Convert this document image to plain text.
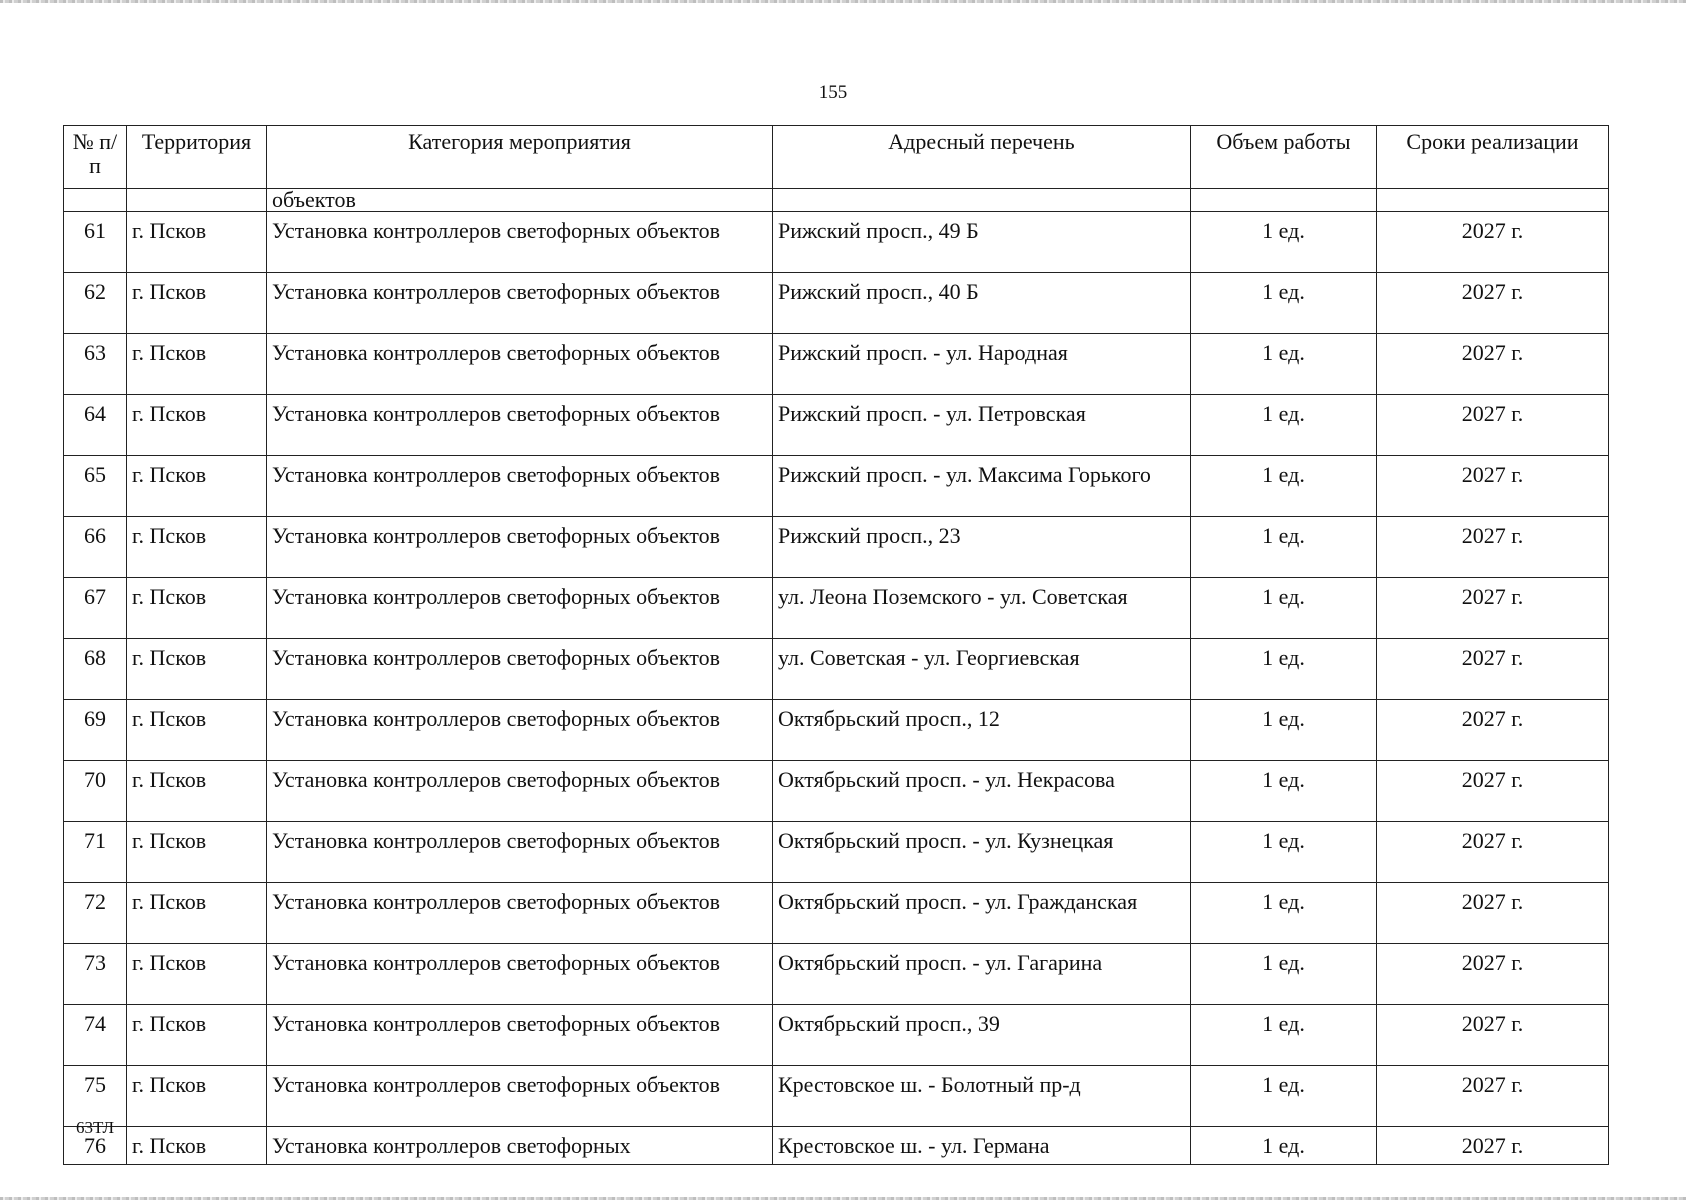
155
№ п/п	Территория	Категория мероприятия	Адресный перечень	Объем работы	Сроки реализации
		объектов			
61	г. Псков	Установка контроллеров светофорных объектов	Рижский просп., 49 Б	1 ед.	2027 г.
62	г. Псков	Установка контроллеров светофорных объектов	Рижский просп., 40 Б	1 ед.	2027 г.
63	г. Псков	Установка контроллеров светофорных объектов	Рижский просп. - ул. Народная	1 ед.	2027 г.
64	г. Псков	Установка контроллеров светофорных объектов	Рижский просп. - ул. Петровская	1 ед.	2027 г.
65	г. Псков	Установка контроллеров светофорных объектов	Рижский просп. - ул. Максима Горького	1 ед.	2027 г.
66	г. Псков	Установка контроллеров светофорных объектов	Рижский просп., 23	1 ед.	2027 г.
67	г. Псков	Установка контроллеров светофорных объектов	ул. Леона Поземского - ул. Советская	1 ед.	2027 г.
68	г. Псков	Установка контроллеров светофорных объектов	ул. Советская - ул. Георгиевская	1 ед.	2027 г.
69	г. Псков	Установка контроллеров светофорных объектов	Октябрьский просп., 12	1 ед.	2027 г.
70	г. Псков	Установка контроллеров светофорных объектов	Октябрьский просп. - ул. Некрасова	1 ед.	2027 г.
71	г. Псков	Установка контроллеров светофорных объектов	Октябрьский просп. - ул. Кузнецкая	1 ед.	2027 г.
72	г. Псков	Установка контроллеров светофорных объектов	Октябрьский просп. - ул. Гражданская	1 ед.	2027 г.
73	г. Псков	Установка контроллеров светофорных объектов	Октябрьский просп. - ул. Гагарина	1 ед.	2027 г.
74	г. Псков	Установка контроллеров светофорных объектов	Октябрьский просп., 39	1 ед.	2027 г.
75	г. Псков	Установка контроллеров светофорных объектов	Крестовское ш. - Болотный пр-д	1 ед.	2027 г.
76	г. Псков	Установка контроллеров светофорных	Крестовское ш. - ул. Германа	1 ед.	2027 г.
63ТЛ
